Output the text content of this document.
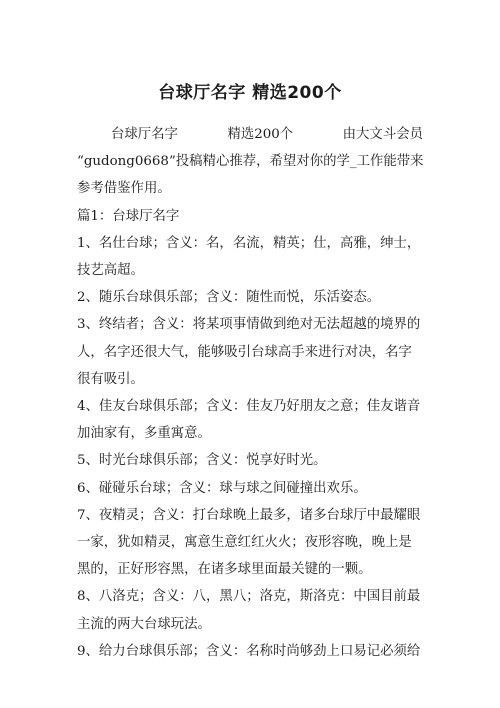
台球厅名字 精选200个
台球厅名字	精选200个	由大文斗会员
“gudong0668”投稿精心推荐，希望对你的学_工作能带来
参考借鉴作用。
篇1：台球厅名字
1、名仕台球；含义：名，名流，精英；仕，高雅，绅士，
技艺高超。
2、随乐台球俱乐部；含义：随性而悦，乐活姿态。
3、终结者；含义：将某项事情做到绝对无法超越的境界的
人，名字还很大气，能够吸引台球高手来进行对决，名字
很有吸引。
4、佳友台球俱乐部；含义：佳友乃好朋友之意；佳友谐音
加油家有，多重寓意。
5、时光台球俱乐部；含义：悦享好时光。
6、碰碰乐台球；含义：球与球之间碰撞出欢乐。
7、夜精灵；含义：打台球晚上最多，诸多台球厅中最耀眼
一家，犹如精灵，寓意生意红红火火；夜形容晚，晚上是
黑的，正好形容黑，在诸多球里面最关键的一颗。
8、八洛克；含义：八，黑八；洛克，斯洛克：中国目前最
主流的两大台球玩法。
9、给力台球俱乐部；含义：名称时尚够劲上口易记必须给
